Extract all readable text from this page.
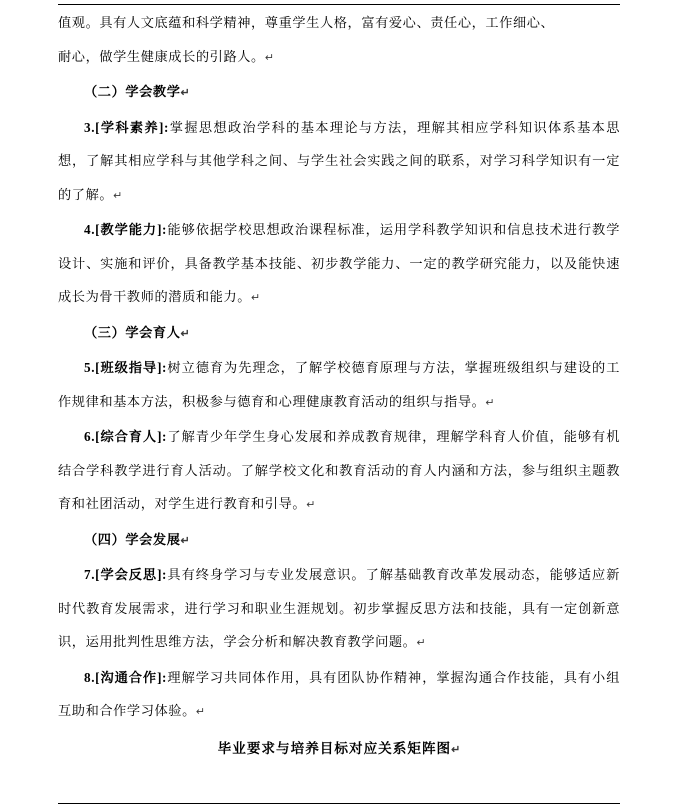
值观。具有人文底蕴和科学精神，尊重学生人格，富有爱心、责任心，工作细心、

耐心，做学生健康成长的引路人。↵

（二）学会教学↵

3.[学科素养]:掌握思想政治学科的基本理论与方法，理解其相应学科知识体系基本思想，了解其相应学科与其他学科之间、与学生社会实践之间的联系，对学习科学知识有一定的了解。↵

4.[教学能力]:能够依据学校思想政治课程标准，运用学科教学知识和信息技术进行教学设计、实施和评价，具备教学基本技能、初步教学能力、一定的教学研究能力，以及能快速成长为骨干教师的潜质和能力。↵

（三）学会育人↵

5.[班级指导]:树立德育为先理念，了解学校德育原理与方法，掌握班级组织与建设的工作规律和基本方法，积极参与德育和心理健康教育活动的组织与指导。↵

6.[综合育人]:了解青少年学生身心发展和养成教育规律，理解学科育人价值，能够有机结合学科教学进行育人活动。了解学校文化和教育活动的育人内涵和方法，参与组织主题教育和社团活动，对学生进行教育和引导。↵

（四）学会发展↵

7.[学会反思]:具有终身学习与专业发展意识。了解基础教育改革发展动态，能够适应新时代教育发展需求，进行学习和职业生涯规划。初步掌握反思方法和技能，具有一定创新意识，运用批判性思维方法，学会分析和解决教育教学问题。↵

8.[沟通合作]:理解学习共同体作用，具有团队协作精神，掌握沟通合作技能，具有小组互助和合作学习体验。↵

毕业要求与培养目标对应关系矩阵图↵
